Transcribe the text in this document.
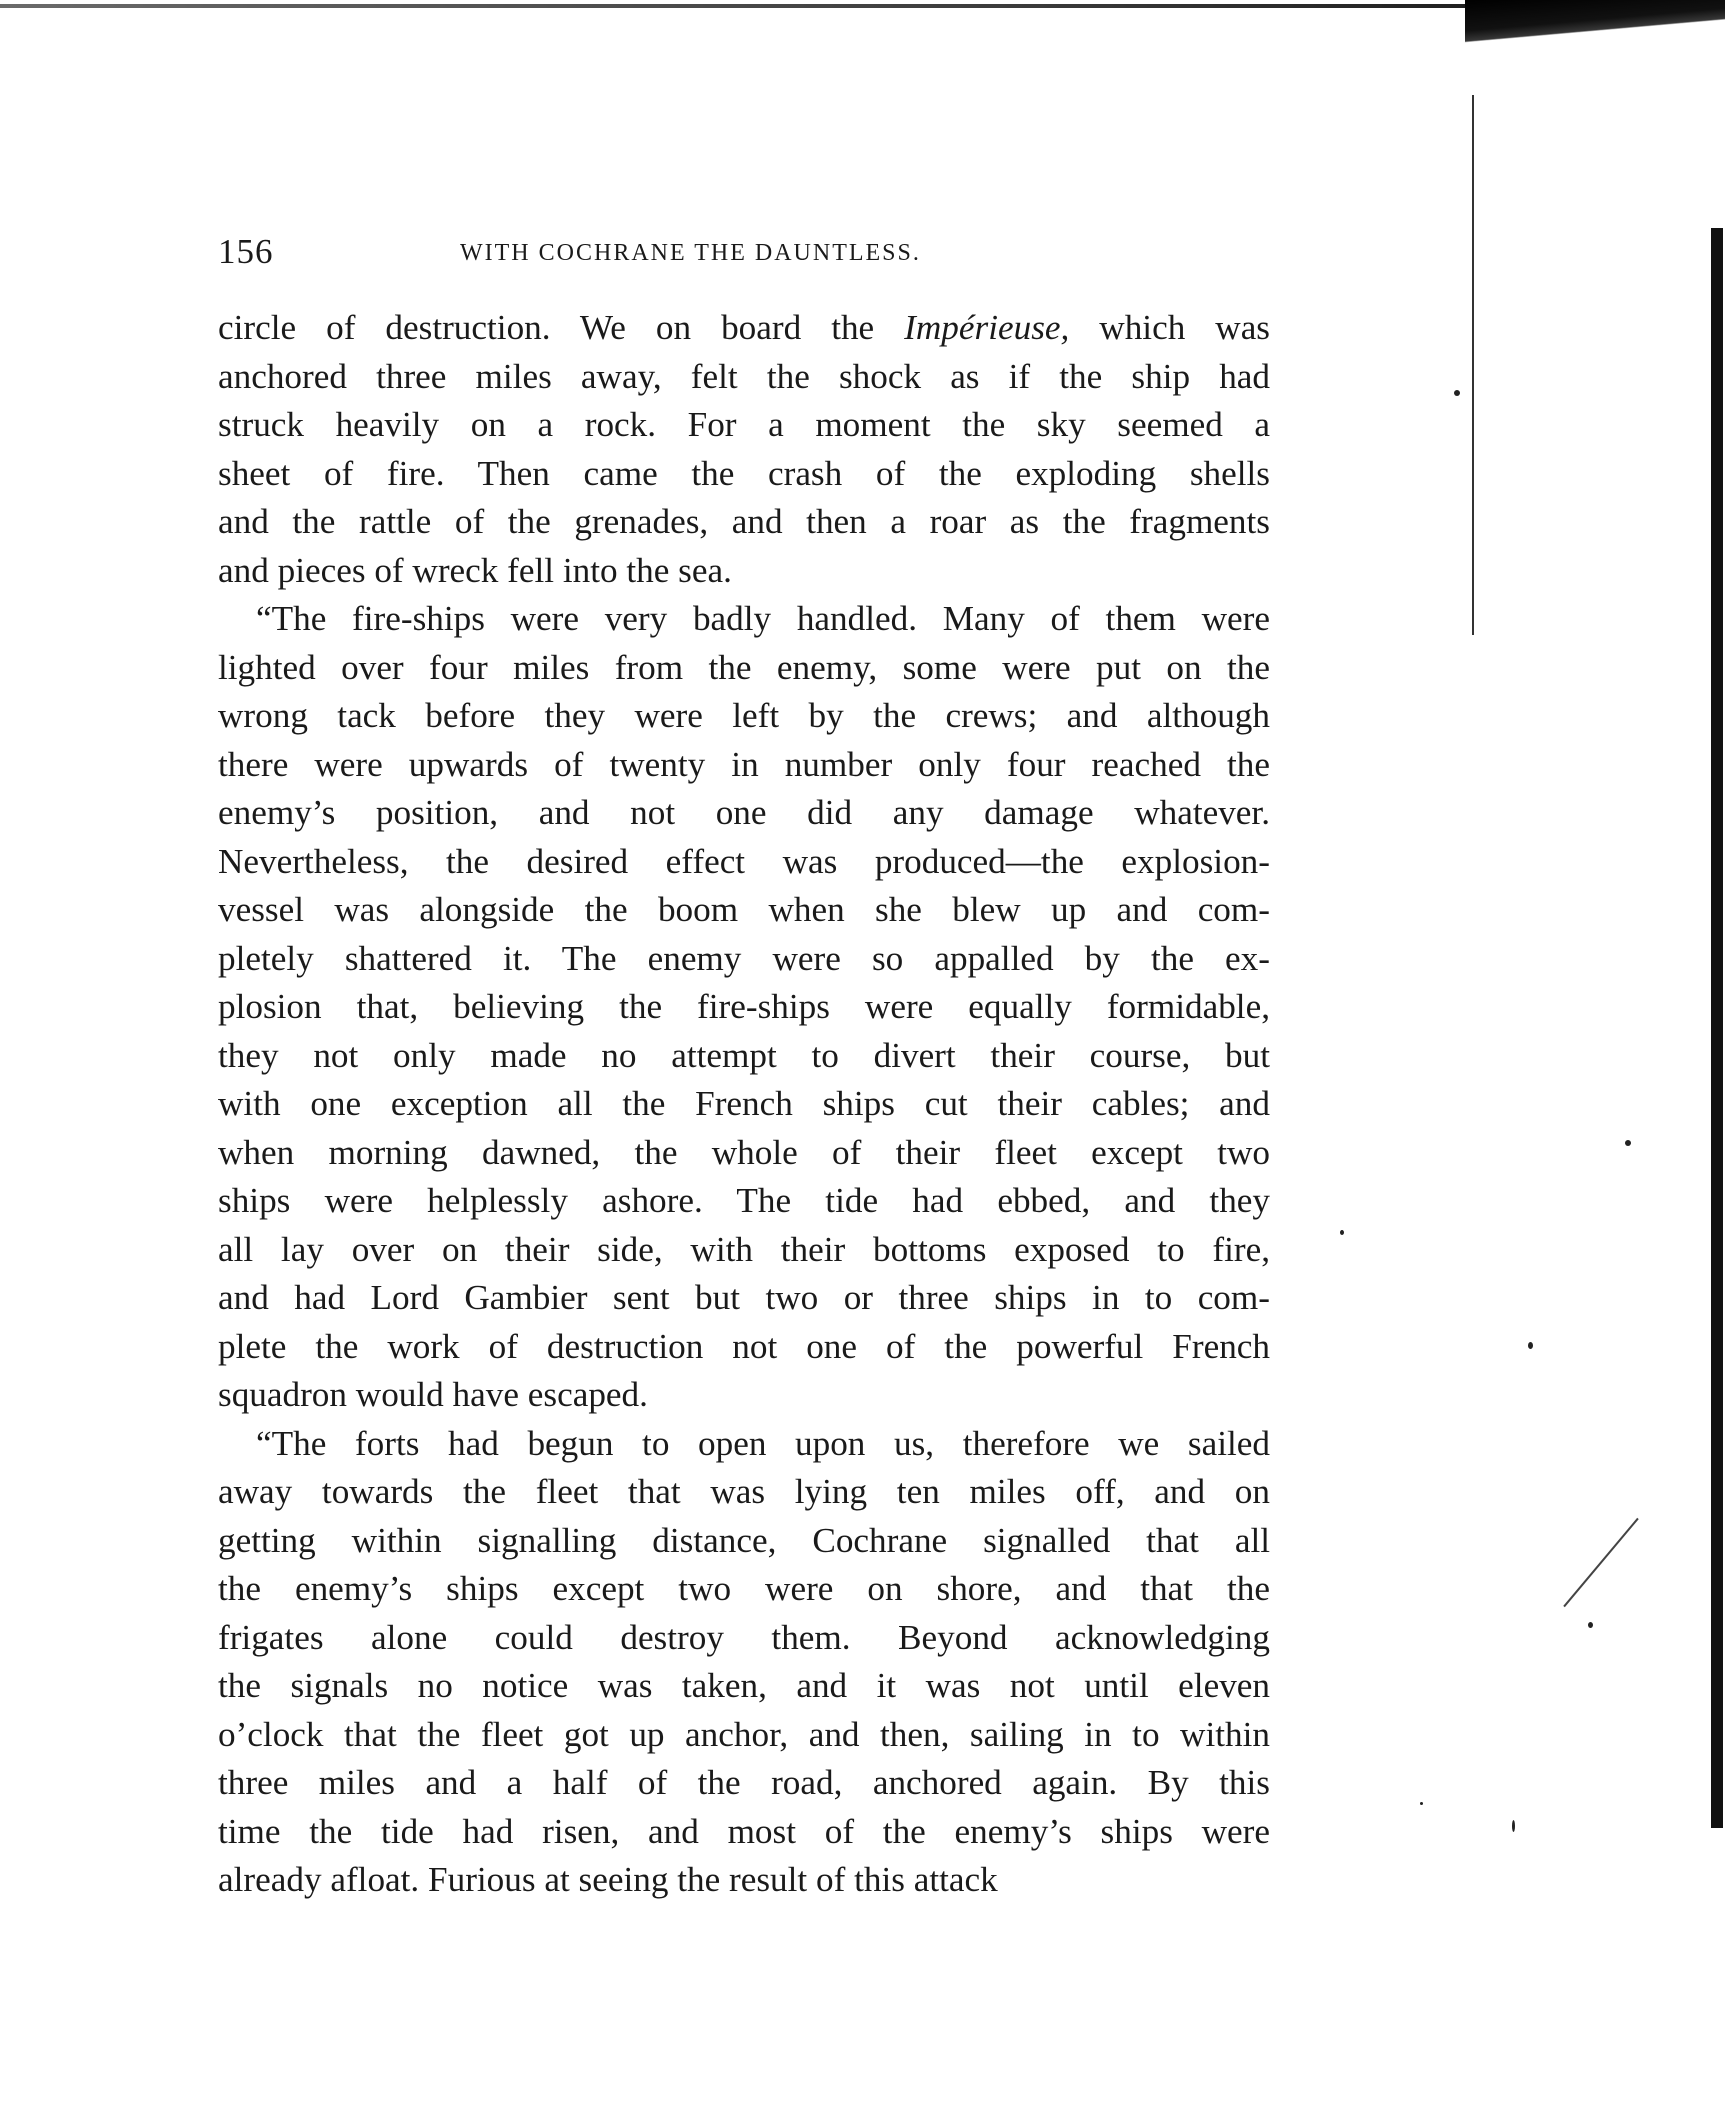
156	WITH COCHRANE THE DAUNTLESS.

circle of destruction. We on board the Impérieuse, which was
anchored three miles away, felt the shock as if the ship had
struck heavily on a rock. For a moment the sky seemed a
sheet of fire. Then came the crash of the exploding shells
and the rattle of the grenades, and then a roar as the fragments
and pieces of wreck fell into the sea.

“The fire-ships were very badly handled. Many of them were
lighted over four miles from the enemy, some were put on the
wrong tack before they were left by the crews; and although
there were upwards of twenty in number only four reached the
enemy’s position, and not one did any damage whatever.
Nevertheless, the desired effect was produced—the explosion-
vessel was alongside the boom when she blew up and com-
pletely shattered it. The enemy were so appalled by the ex-
plosion that, believing the fire-ships were equally formidable,
they not only made no attempt to divert their course, but
with one exception all the French ships cut their cables; and
when morning dawned, the whole of their fleet except two
ships were helplessly ashore. The tide had ebbed, and they
all lay over on their side, with their bottoms exposed to fire,
and had Lord Gambier sent but two or three ships in to com-
plete the work of destruction not one of the powerful French
squadron would have escaped.

“The forts had begun to open upon us, therefore we sailed
away towards the fleet that was lying ten miles off, and on
getting within signalling distance, Cochrane signalled that all
the enemy’s ships except two were on shore, and that the
frigates alone could destroy them. Beyond acknowledging
the signals no notice was taken, and it was not until eleven
o’clock that the fleet got up anchor, and then, sailing in to within
three miles and a half of the road, anchored again. By this
time the tide had risen, and most of the enemy’s ships were
already afloat. Furious at seeing the result of this attack
